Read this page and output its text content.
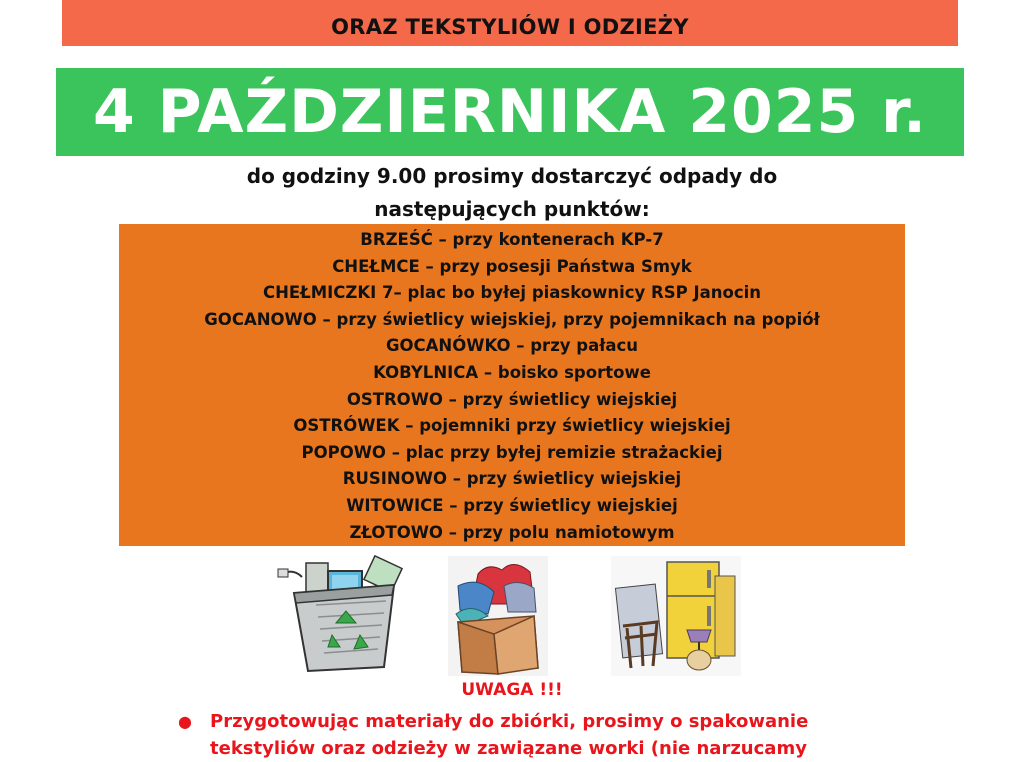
ORAZ TEKSTYLIÓW I ODZIEŻY
4 PAŹDZIERNIKA 2025 r.
do godziny 9.00 prosimy dostarczyć odpady do
następujących punktów:
BRZEŚĆ – przy kontenerach KP-7
CHEŁMCE – przy posesji Państwa Smyk
CHEŁMICZKI 7– plac bo byłej piaskownicy RSP Janocin
GOCANOWO – przy świetlicy wiejskiej, przy pojemnikach na popiół
GOCANÓWKO – przy pałacu
KOBYLNICA – boisko sportowe
OSTROWO – przy świetlicy wiejskiej
OSTRÓWEK – pojemniki przy świetlicy wiejskiej
POPOWO – plac przy byłej remizie strażackiej
RUSINOWO – przy świetlicy wiejskiej
WITOWICE – przy świetlicy wiejskiej
ZŁOTOWO – przy polu namiotowym
UWAGA !!!
●	Przygotowując materiały do zbiórki, prosimy o spakowanie
tekstyliów oraz odzieży w zawiązane worki (nie narzucamy
